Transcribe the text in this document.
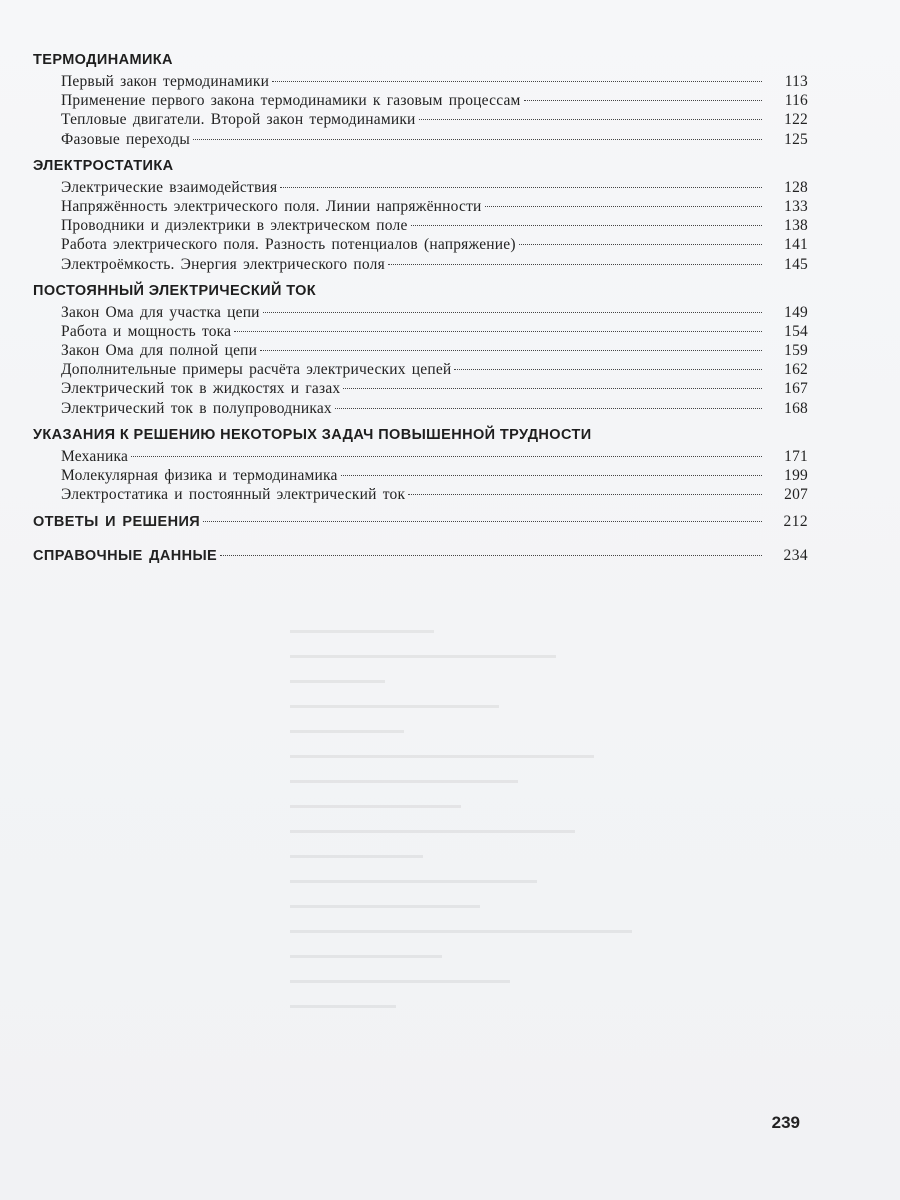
ТЕРМОДИНАМИКА
Первый закон термодинамики	113
Применение первого закона термодинамики к газовым процессам	116
Тепловые двигатели. Второй закон термодинамики	122
Фазовые переходы	125
ЭЛЕКТРОСТАТИКА
Электрические взаимодействия	128
Напряжённость электрического поля. Линии напряжённости	133
Проводники и диэлектрики в электрическом поле	138
Работа электрического поля. Разность потенциалов (напряжение)	141
Электроёмкость. Энергия электрического поля	145
ПОСТОЯННЫЙ ЭЛЕКТРИЧЕСКИЙ ТОК
Закон Ома для участка цепи	149
Работа и мощность тока	154
Закон Ома для полной цепи	159
Дополнительные примеры расчёта электрических цепей	162
Электрический ток в жидкостях и газах	167
Электрический ток в полупроводниках	168
УКАЗАНИЯ К РЕШЕНИЮ НЕКОТОРЫХ ЗАДАЧ ПОВЫШЕННОЙ ТРУДНОСТИ
Механика	171
Молекулярная физика и термодинамика	199
Электростатика и постоянный электрический ток	207
ОТВЕТЫ И РЕШЕНИЯ	212
СПРАВОЧНЫЕ ДАННЫЕ	234
239
